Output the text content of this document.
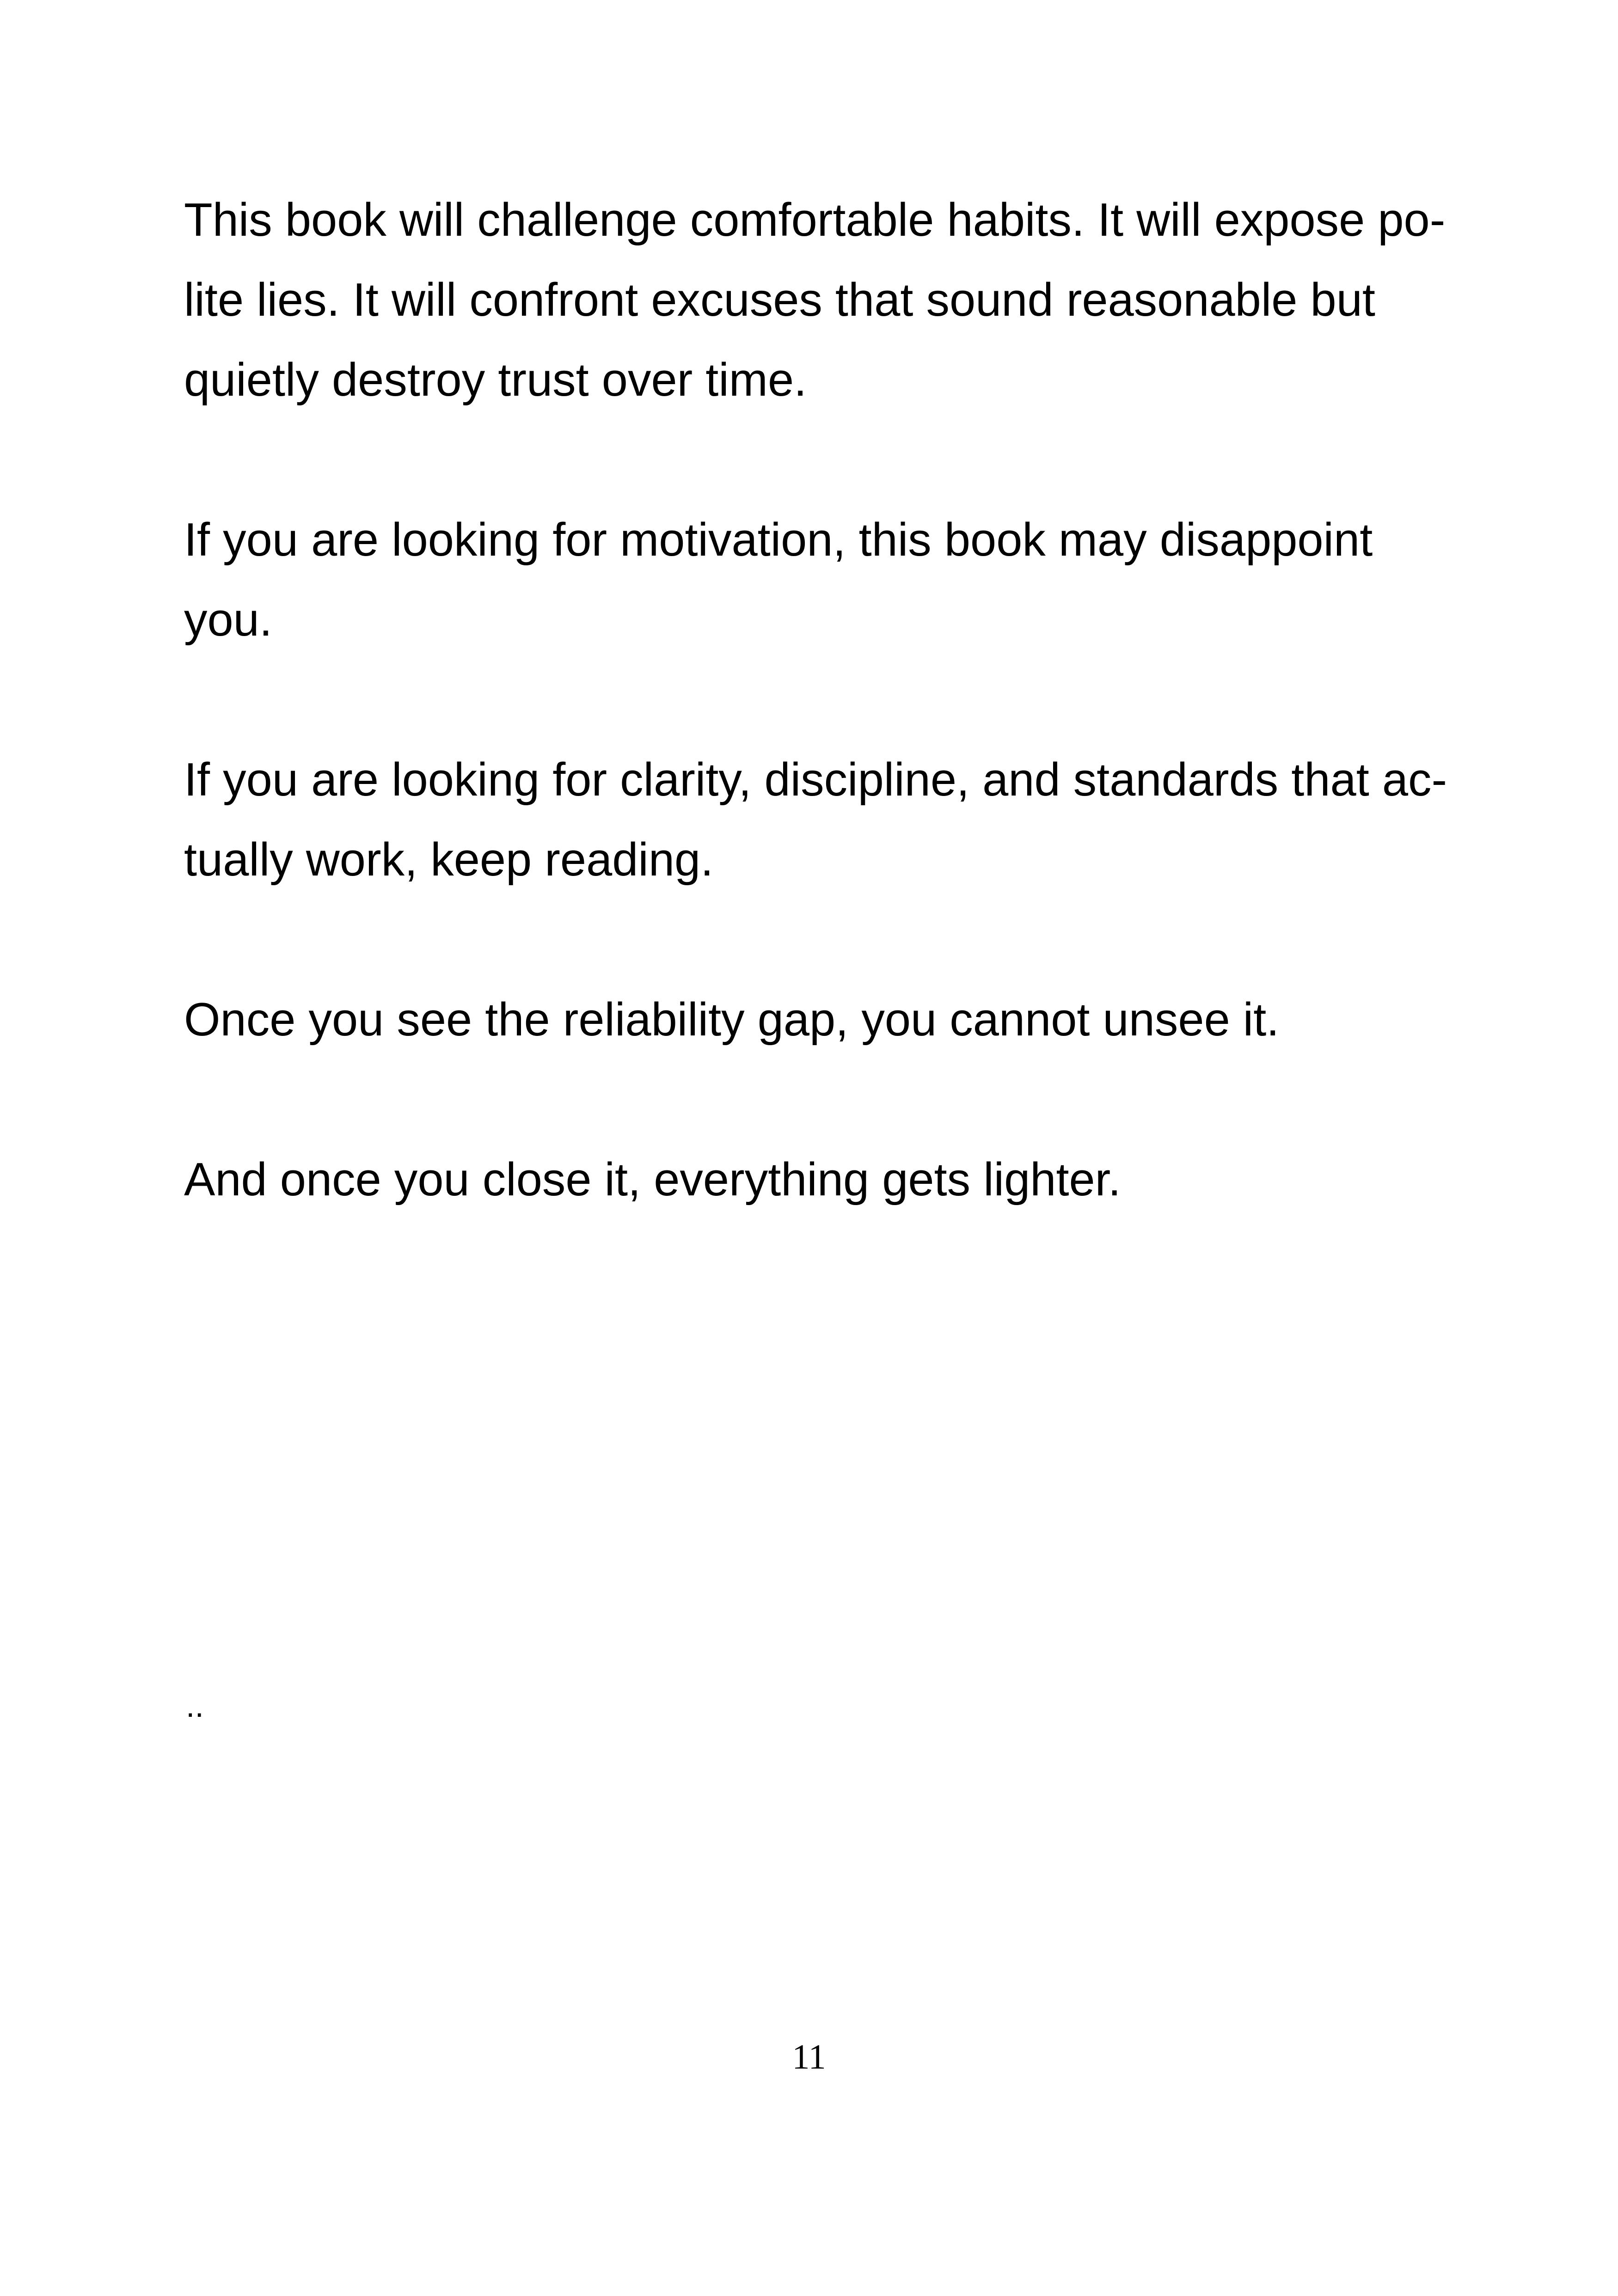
This book will challenge comfortable habits. It will expose po-
lite lies. It will confront excuses that sound reasonable but
quietly destroy trust over time.

If you are looking for motivation, this book may disappoint
you.

If you are looking for clarity, discipline, and standards that ac-
tually work, keep reading.

Once you see the reliability gap, you cannot unsee it.

And once you close it, everything gets lighter.

..
11
